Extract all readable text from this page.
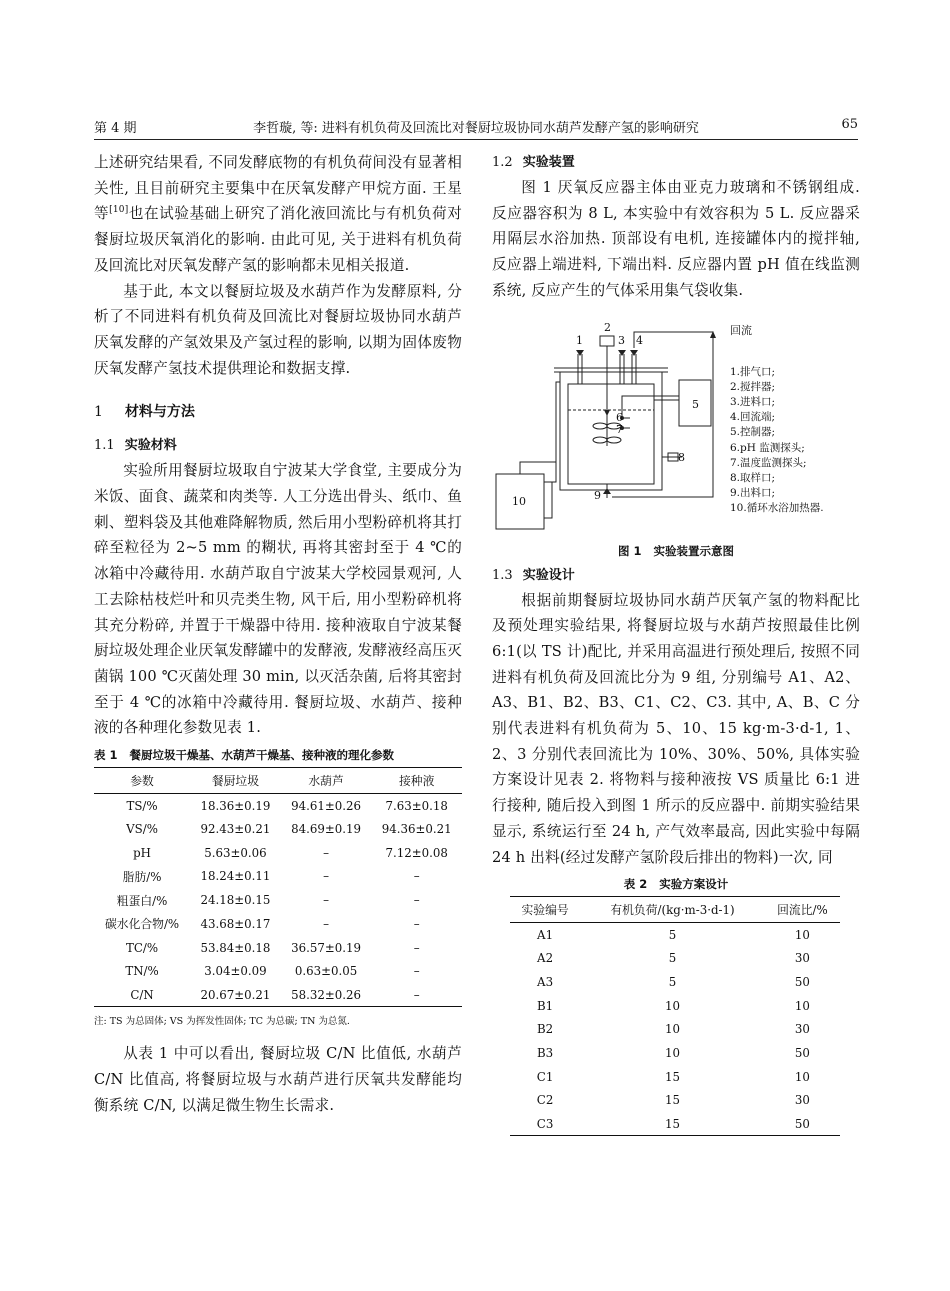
第 4 期	李哲璇, 等: 进料有机负荷及回流比对餐厨垃圾协同水葫芦发酵产氢的影响研究	65

上述研究结果看, 不同发酵底物的有机负荷间没有显著相关性, 且目前研究主要集中在厌氧发酵产甲烷方面. 王星等[10]也在试验基础上研究了消化液回流比与有机负荷对餐厨垃圾厌氧消化的影响. 由此可见, 关于进料有机负荷及回流比对厌氧发酵产氢的影响都未见相关报道.

基于此, 本文以餐厨垃圾及水葫芦作为发酵原料, 分析了不同进料有机负荷及回流比对餐厨垃圾协同水葫芦厌氧发酵的产氢效果及产氢过程的影响, 以期为固体废物厌氧发酵产氢技术提供理论和数据支撑.

1 材料与方法
1.1 实验材料

实验所用餐厨垃圾取自宁波某大学食堂, 主要成分为米饭、面食、蔬菜和肉类等. 人工分选出骨头、纸巾、鱼刺、塑料袋及其他难降解物质, 然后用小型粉碎机将其打碎至粒径为 2~5 mm 的糊状, 再将其密封至于 4 ℃的冰箱中冷藏待用. 水葫芦取自宁波某大学校园景观河, 人工去除枯枝烂叶和贝壳类生物, 风干后, 用小型粉碎机将其充分粉碎, 并置于干燥器中待用. 接种液取自宁波某餐厨垃圾处理企业厌氧发酵罐中的发酵液, 发酵液经高压灭菌锅 100 ℃灭菌处理 30 min, 以灭活杂菌, 后将其密封至于 4 ℃的冰箱中冷藏待用. 餐厨垃圾、水葫芦、接种液的各种理化参数见表 1.

表 1 餐厨垃圾干燥基、水葫芦干燥基、接种液的理化参数
参数	餐厨垃圾	水葫芦	接种液
TS/%	18.36±0.19	94.61±0.26	7.63±0.18
VS/%	92.43±0.21	84.69±0.19	94.36±0.21
pH	5.63±0.06	–	7.12±0.08
脂肪/%	18.24±0.11	–	–
粗蛋白/%	24.18±0.15	–	–
碳水化合物/%	43.68±0.17	–	–
TC/%	53.84±0.18	36.57±0.19	–
TN/%	3.04±0.09	0.63±0.05	–
C/N	20.67±0.21	58.32±0.26	–
注: TS 为总固体; VS 为挥发性固体; TC 为总碳; TN 为总氮.

从表 1 中可以看出, 餐厨垃圾 C/N 比值低, 水葫芦 C/N 比值高, 将餐厨垃圾与水葫芦进行厌氧共发酵能均衡系统 C/N, 以满足微生物生长需求.

1.2 实验装置

图 1 厌氧反应器主体由亚克力玻璃和不锈钢组成. 反应器容积为 8 L, 本实验中有效容积为 5 L. 反应器采用隔层水浴加热. 顶部设有电机, 连接罐体内的搅拌轴, 反应器上端进料, 下端出料. 反应器内置 pH 值在线监测系统, 反应产生的气体采用集气袋收集.

1
2
3 4
5
6
7
8
9
10
回流
1.排气口;
2.搅拌器;
3.进料口;
4.回流端;
5.控制器;
6.pH 监测探头;
7.温度监测探头;
8.取样口;
9.出料口;
10.循环水浴加热器.
图 1 实验装置示意图
1.3 实验设计

根据前期餐厨垃圾协同水葫芦厌氧产氢的物料配比及预处理实验结果, 将餐厨垃圾与水葫芦按照最佳比例 6:1(以 TS 计)配比, 并采用高温进行预处理后, 按照不同进料有机负荷及回流比分为 9 组, 分别编号 A1、A2、A3、B1、B2、B3、C1、C2、C3. 其中, A、B、C 分别代表进料有机负荷为 5、10、15 kg·m-3·d-1, 1、2、3 分别代表回流比为 10%、30%、50%, 具体实验方案设计见表 2. 将物料与接种液按 VS 质量比 6:1 进行接种, 随后投入到图 1 所示的反应器中. 前期实验结果显示, 系统运行至 24 h, 产气效率最高, 因此实验中每隔 24 h 出料(经过发酵产氢阶段后排出的物料)一次, 同

表 2 实验方案设计
实验编号	有机负荷/(kg·m-3·d-1)	回流比/%
A1	5	10
A2	5	30
A3	5	50
B1	10	10
B2	10	30
B3	10	50
C1	15	10
C2	15	30
C3	15	50
